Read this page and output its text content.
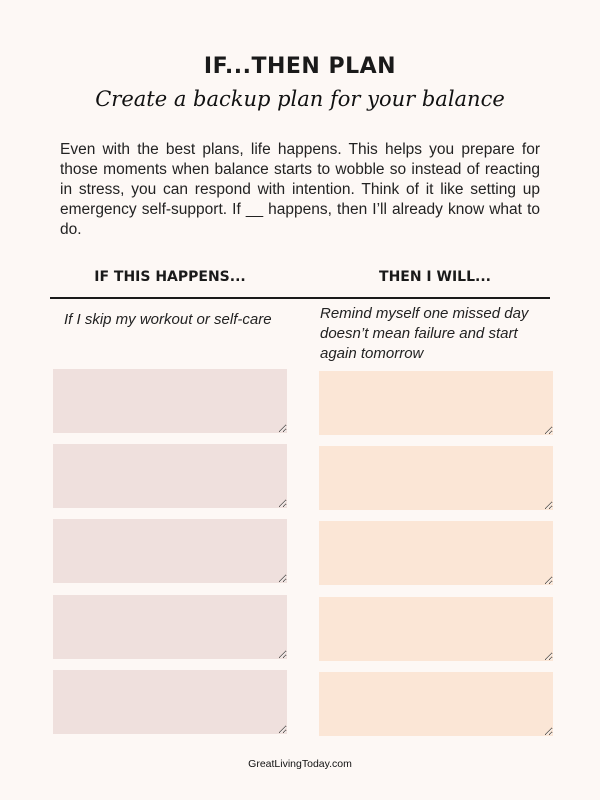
IF...THEN PLAN
Create a backup plan for your balance
Even with the best plans, life happens. This helps you prepare for those moments when balance starts to wobble so instead of reacting in stress, you can respond with intention. Think of it like setting up emergency self-support. If __ happens, then I’ll already know what to do.
IF THIS HAPPENS...	THEN I WILL...
If I skip my workout or self-care	Remind myself one missed day doesn’t mean failure and start again tomorrow
GreatLivingToday.com
